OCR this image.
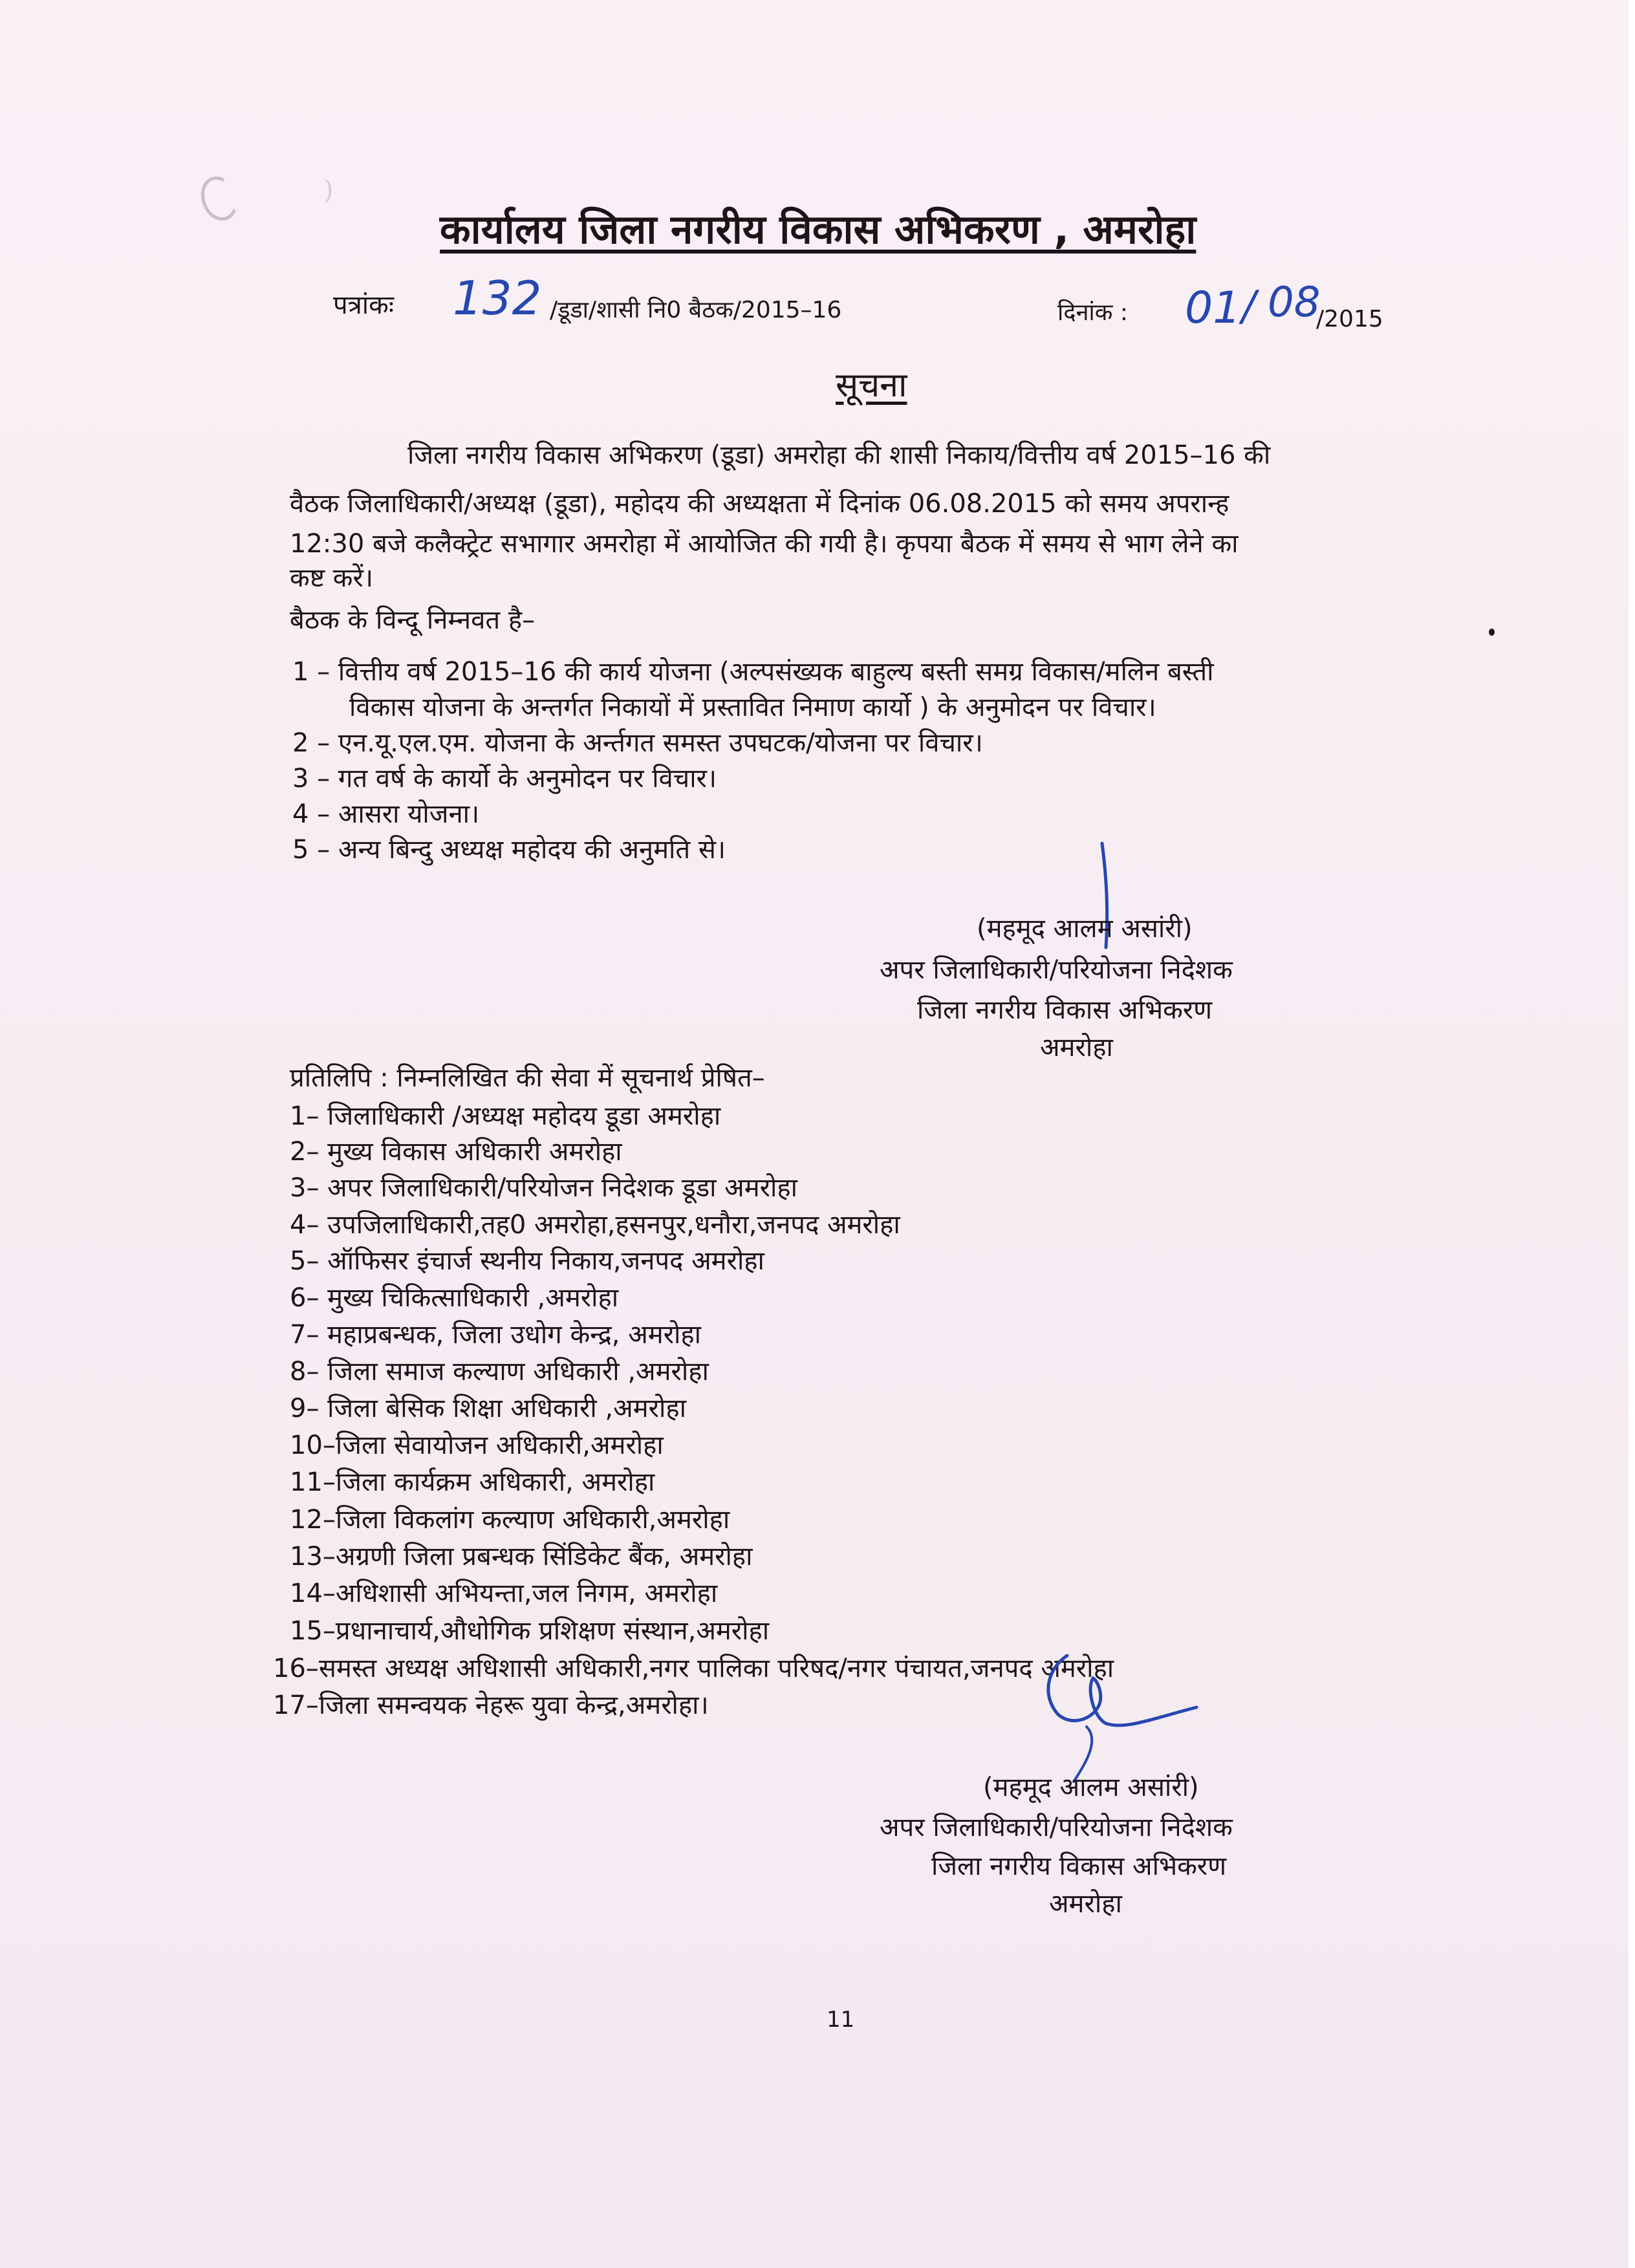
)
कार्यालय जिला नगरीय विकास अभिकरण , अमरोहा
पत्रांकः 132 /डूडा/शासी नि0 बैठक/2015–16	दिनांक : 01 / 08
/2015
सूचना
जिला नगरीय विकास अभिकरण (डूडा) अमरोहा की शासी निकाय/वित्तीय वर्ष 2015–16 की
वैठक जिलाधिकारी/अध्यक्ष (डूडा), महोदय की अध्यक्षता में दिनांक 06.08.2015 को समय अपरान्ह
12:30 बजे कलैक्ट्रेट सभागार अमरोहा में आयोजित की गयी है। कृपया बैठक में समय से भाग लेने का
कष्ट करें।
बैठक के विन्दू निम्नवत है–
1 – वित्तीय वर्ष 2015–16 की कार्य योजना (अल्पसंख्यक बाहुल्य बस्ती समग्र विकास/मलिन बस्ती
विकास योजना के अन्तर्गत निकायों में प्रस्तावित निमाण कार्यो ) के अनुमोदन पर विचार।
2 – एन.यू.एल.एम. योजना के अर्न्तगत समस्त उपघटक/योजना पर विचार।
3 – गत वर्ष के कार्यो के अनुमोदन पर विचार।
4 – आसरा योजना।
5 – अन्य बिन्दु अध्यक्ष महोदय की अनुमति से।
(महमूद आलम असांरी)
अपर जिलाधिकारी/परियोजना निदेशक
जिला नगरीय विकास अभिकरण
अमरोहा
प्रतिलिपि : निम्नलिखित की सेवा में सूचनार्थ प्रेषित–
1– जिलाधिकारी /अध्यक्ष महोदय डूडा अमरोहा
2– मुख्य विकास अधिकारी अमरोहा
3– अपर जिलाधिकारी/परियोजन निदेशक डूडा अमरोहा
4– उपजिलाधिकारी,तह0 अमरोहा,हसनपुर,धनौरा,जनपद अमरोहा
5– ऑफिसर इंचार्ज स्थनीय निकाय,जनपद अमरोहा
6– मुख्य चिकित्साधिकारी ,अमरोहा
7– महाप्रबन्धक, जिला उधोग केन्द्र, अमरोहा
8– जिला समाज कल्याण अधिकारी ,अमरोहा
9– जिला बेसिक शिक्षा अधिकारी ,अमरोहा
10–जिला सेवायोजन अधिकारी,अमरोहा
11–जिला कार्यक्रम अधिकारी, अमरोहा
12–जिला विकलांग कल्याण अधिकारी,अमरोहा
13–अग्रणी जिला प्रबन्धक सिंडिकेट बैंक, अमरोहा
14–अधिशासी अभियन्ता,जल निगम, अमरोहा
15–प्रधानाचार्य,औधोगिक प्रशिक्षण संस्थान,अमरोहा
16–समस्त अध्यक्ष अधिशासी अधिकारी,नगर पालिका परिषद/नगर पंचायत,जनपद अमरोहा
17–जिला समन्वयक नेहरू युवा केन्द्र,अमरोहा।
(महमूद आलम असांरी)
अपर जिलाधिकारी/परियोजना निदेशक
जिला नगरीय विकास अभिकरण
अमरोहा
11
